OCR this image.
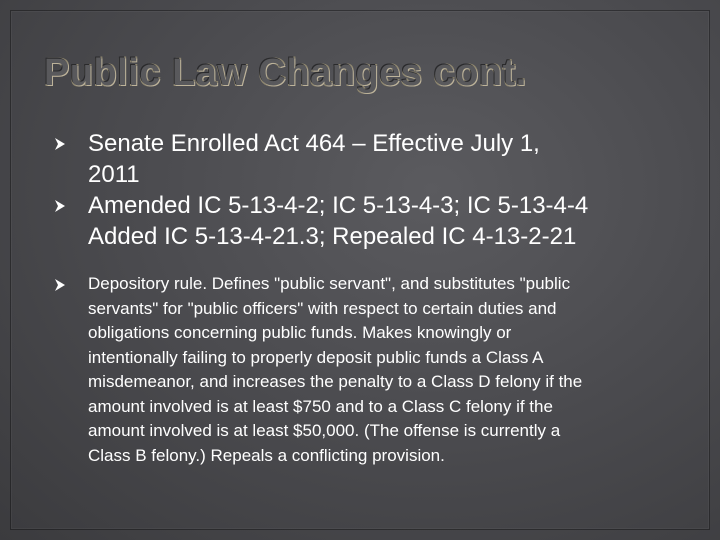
Public Law Changes cont.
Senate Enrolled Act 464 – Effective July 1,
2011
Amended IC 5-13-4-2; IC 5-13-4-3; IC 5-13-4-4
Added IC 5-13-4-21.3; Repealed IC 4-13-2-21
Depository rule. Defines "public servant", and substitutes "public
servants" for "public officers" with respect to certain duties and
obligations concerning public funds. Makes knowingly or
intentionally failing to properly deposit public funds a Class A
misdemeanor, and increases the penalty to a Class D felony if the
amount involved is at least $750 and to a Class C felony if the
amount involved is at least $50,000. (The offense is currently a
Class B felony.) Repeals a conflicting provision.
